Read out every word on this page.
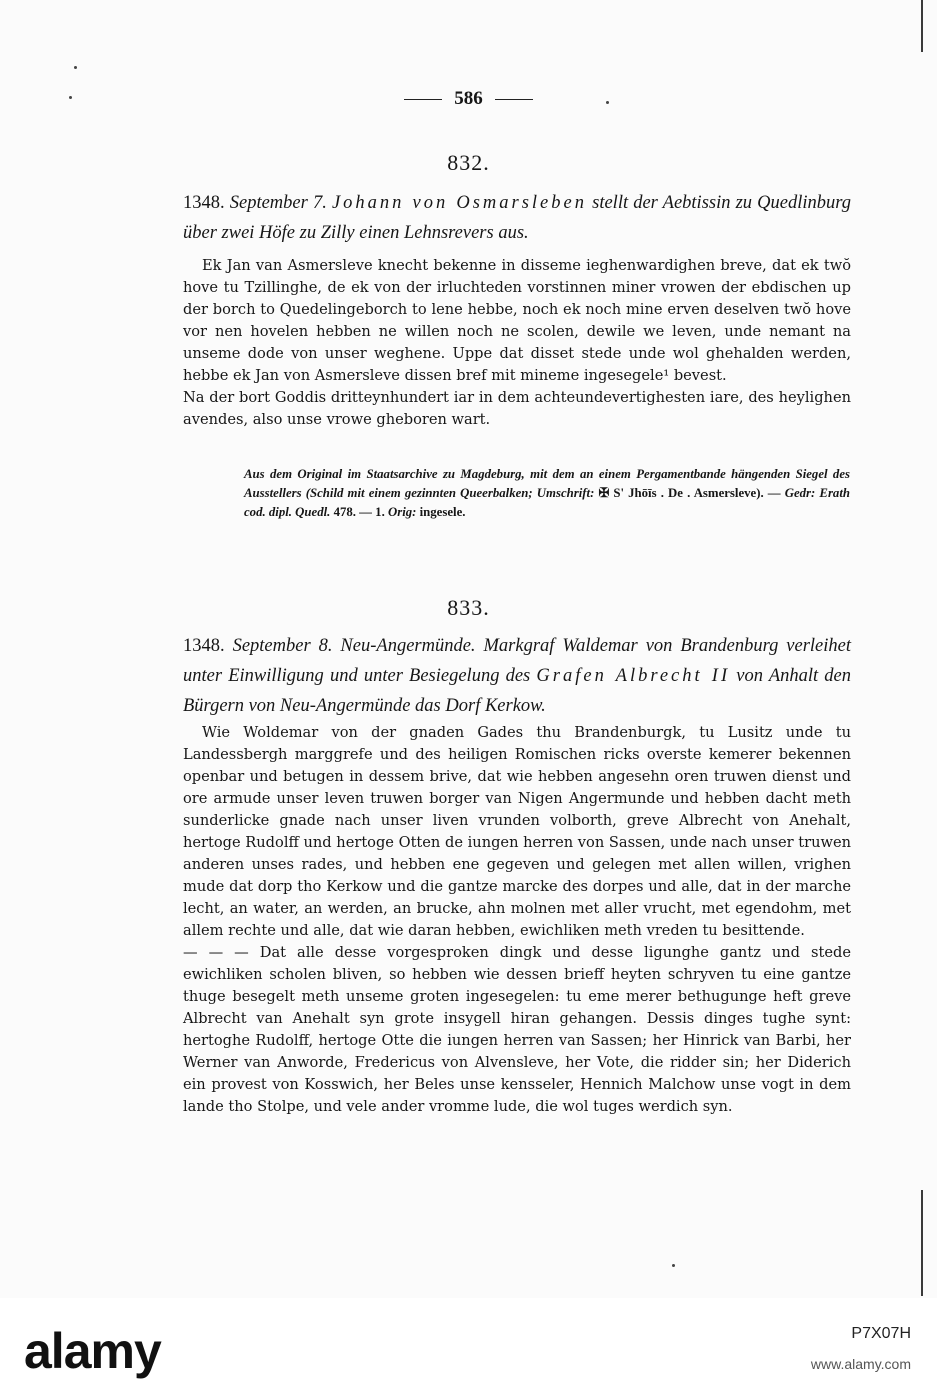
586
832.
1348. September 7. Johann von Osmarsleben stellt der Aebtissin zu Quedlinburg über zwei Höfe zu Zilly einen Lehnsrevers aus.

Ek Jan van Asmersleve knecht bekenne in disseme ieghenwardighen breve, dat ek twŏ hove tu Tzillinghe, de ek von der irluchteden vorstinnen miner vrowen der ebdischen up der borch to Quedelingeborch to lene hebbe, noch ek noch mine erven deselven twŏ hove vor nen hovelen hebben ne willen noch ne scolen, dewile we leven, unde nemant na unseme dode von unser weghene. Uppe dat disset stede unde wol ghehalden werden, hebbe ek Jan von Asmersleve dissen bref mit mineme ingesegele¹ bevest.

Na der bort Goddis dritteynhundert iar in dem achteundevertighesten iare, des heylighen avendes, also unse vrowe gheboren wart.

Aus dem Original im Staatsarchive zu Magdeburg, mit dem an einem Pergamentbande hängenden Siegel des Ausstellers (Schild mit einem gezinnten Queerbalken; Umschrift: ✠ S' Jhōīs . De . Asmersleve). — Gedr: Erath cod. dipl. Quedl. 478. — 1. Orig: ingesele.
833.
1348. September 8. Neu-Angermünde. Markgraf Waldemar von Brandenburg verleihet unter Einwilligung und unter Besiegelung des Grafen Albrecht II von Anhalt den Bürgern von Neu-Angermünde das Dorf Kerkow.

Wie Woldemar von der gnaden Gades thu Brandenburgk, tu Lusitz unde tu Landessbergh marggrefe und des heiligen Romischen ricks overste kemerer bekennen openbar und betugen in dessem brive, dat wie hebben angesehn oren truwen dienst und ore armude unser leven truwen borger van Nigen Angermunde und hebben dacht meth sunderlicke gnade nach unser liven vrunden volborth, greve Albrecht von Anehalt, hertoge Rudolff und hertoge Otten de iungen herren von Sassen, unde nach unser truwen anderen unses rades, und hebben ene gegeven und gelegen met allen willen, vrighen mude dat dorp tho Kerkow und die gantze marcke des dorpes und alle, dat in der marche lecht, an water, an werden, an brucke, ahn molnen met aller vrucht, met egendohm, met allem rechte und alle, dat wie daran hebben, ewichliken meth vreden tu besittende.

— — — Dat alle desse vorgesproken dingk und desse ligunghe gantz und stede ewichliken scholen bliven, so hebben wie dessen brieff heyten schryven tu eine gantze thuge besegelt meth unseme groten ingesegelen: tu eme merer bethugunge heft greve Albrecht van Anehalt syn grote insygell hiran gehangen. Dessis dinges tughe synt: hertoghe Rudolff, hertoge Otte die iungen herren van Sassen; her Hinrick van Barbi, her Werner van Anworde, Fredericus von Alvensleve, her Vote, die ridder sin; her Diderich ein provest von Kosswich, her Beles unse kensseler, Hennich Malchow unse vogt in dem lande tho Stolpe, und vele ander vromme lude, die wol tuges werdich syn.

alamy	P7X07H
www.alamy.com
